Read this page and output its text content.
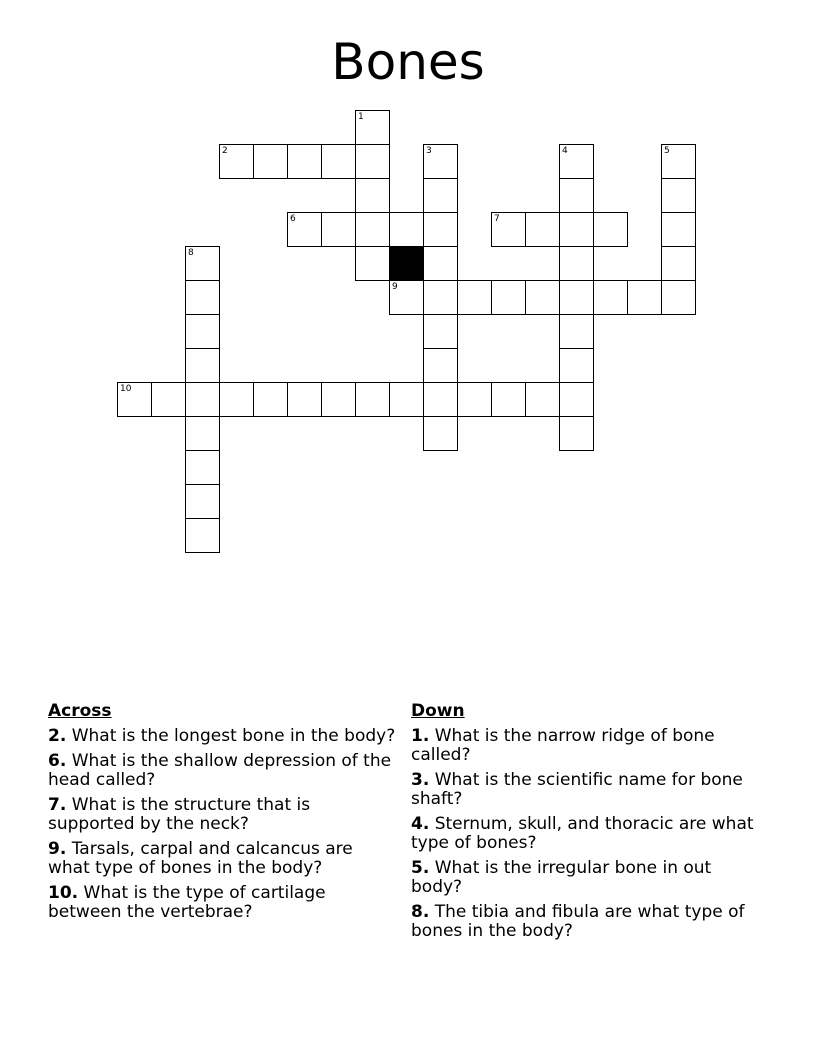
Bones
1
2	3	4	5
6	7
8
9
10
Across
2. What is the longest bone in the body?
6. What is the shallow depression of the head called?
7. What is the structure that is supported by the neck?
9. Tarsals, carpal and calcancus are what type of bones in the body?
10. What is the type of cartilage between the vertebrae?
Down
1. What is the narrow ridge of bone called?
3. What is the scientific name for bone shaft?
4. Sternum, skull, and thoracic are what type of bones?
5. What is the irregular bone in out body?
8. The tibia and fibula are what type of bones in the body?
